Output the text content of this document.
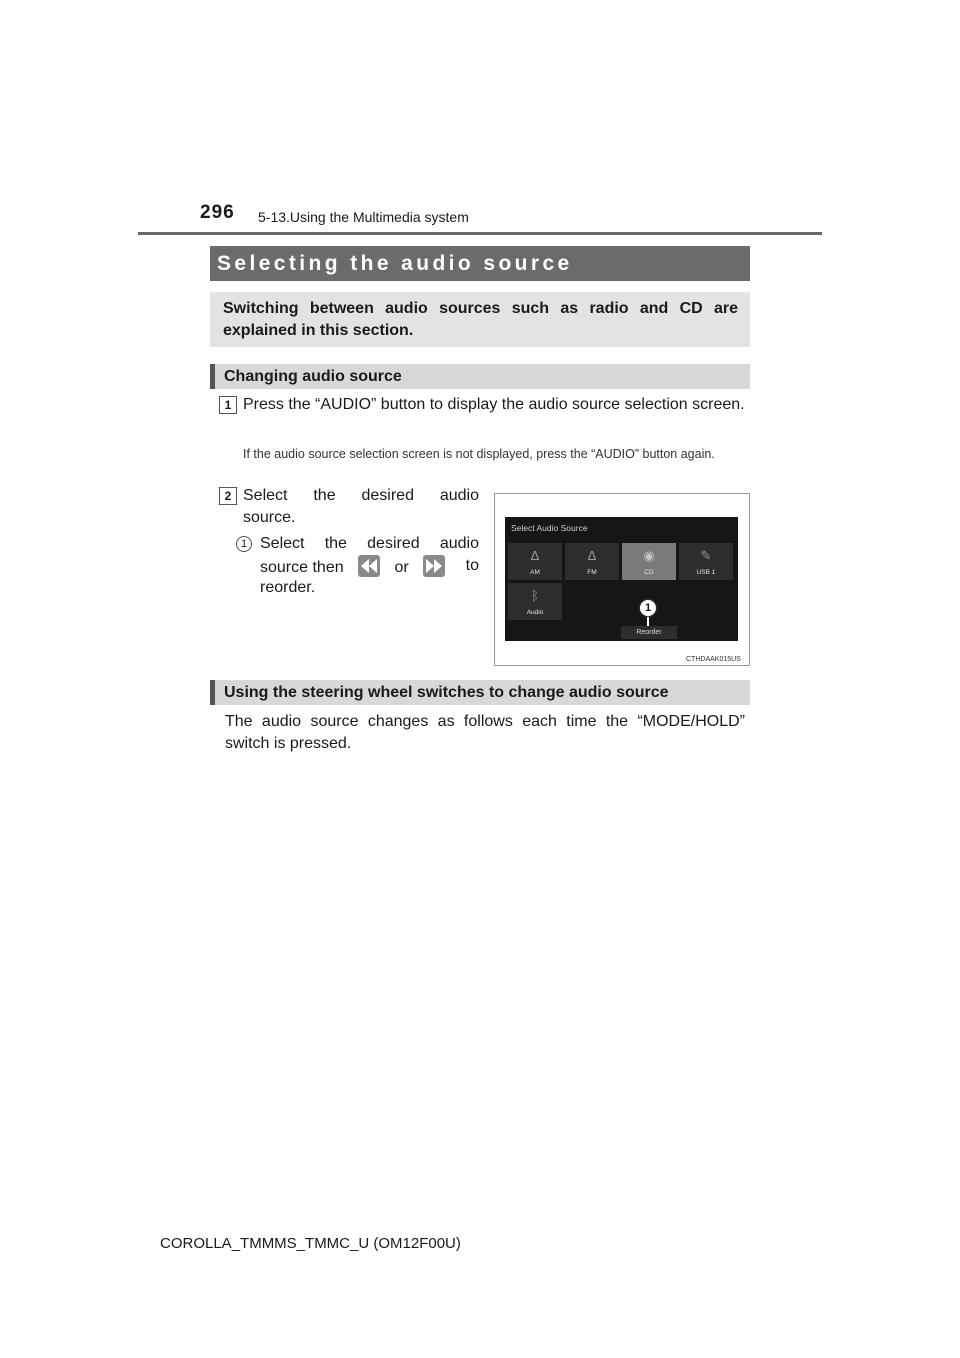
296 5-13.Using the Multimedia system
Selecting the audio source
Switching between audio sources such as radio and CD are explained in this section.
Changing audio source
1 Press the “AUDIO” button to display the audio source selection screen.
If the audio source selection screen is not displayed, press the “AUDIO” button again.
2 Select the desired audio
source.
1 Select the desired audio
source then	or	to
reorder.
Select Audio Source
∆
AM
∆
FM
◉
CD
✎
USB 1
ᛒ
Audio	1
Reorder
CTHDAAK015US
Using the steering wheel switches to change audio source
The audio source changes as follows each time the “MODE/HOLD” switch is pressed.
COROLLA_TMMMS_TMMC_U (OM12F00U)
